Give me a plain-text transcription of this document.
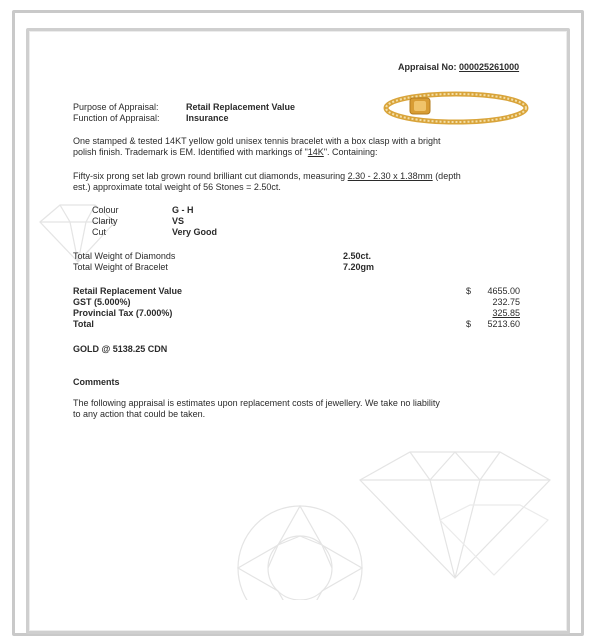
Appraisal No: 000025261000
Purpose of Appraisal:	Retail Replacement Value
Function of Appraisal:	Insurance
One stamped & tested 14KT yellow gold unisex tennis bracelet with a box clasp with a bright
polish finish. Trademark is EM. Identified with markings of "14K". Containing:
Fifty-six prong set lab grown round brilliant cut diamonds, measuring 2.30 - 2.30 x 1.38mm (depth
est.) approximate total weight of 56 Stones = 2.50ct.
Colour	G - H
Clarity	VS
Cut	Very Good
Total Weight of Diamonds	2.50ct.
Total Weight of Bracelet	7.20gm
Retail Replacement Value	$ 4655.00
GST (5.000%)	232.75
Provincial Tax (7.000%)	325.85
Total	$ 5213.60
GOLD @ 5138.25 CDN
Comments
The following appraisal is estimates upon replacement costs of jewellery. We take no liability
to any action that could be taken.
